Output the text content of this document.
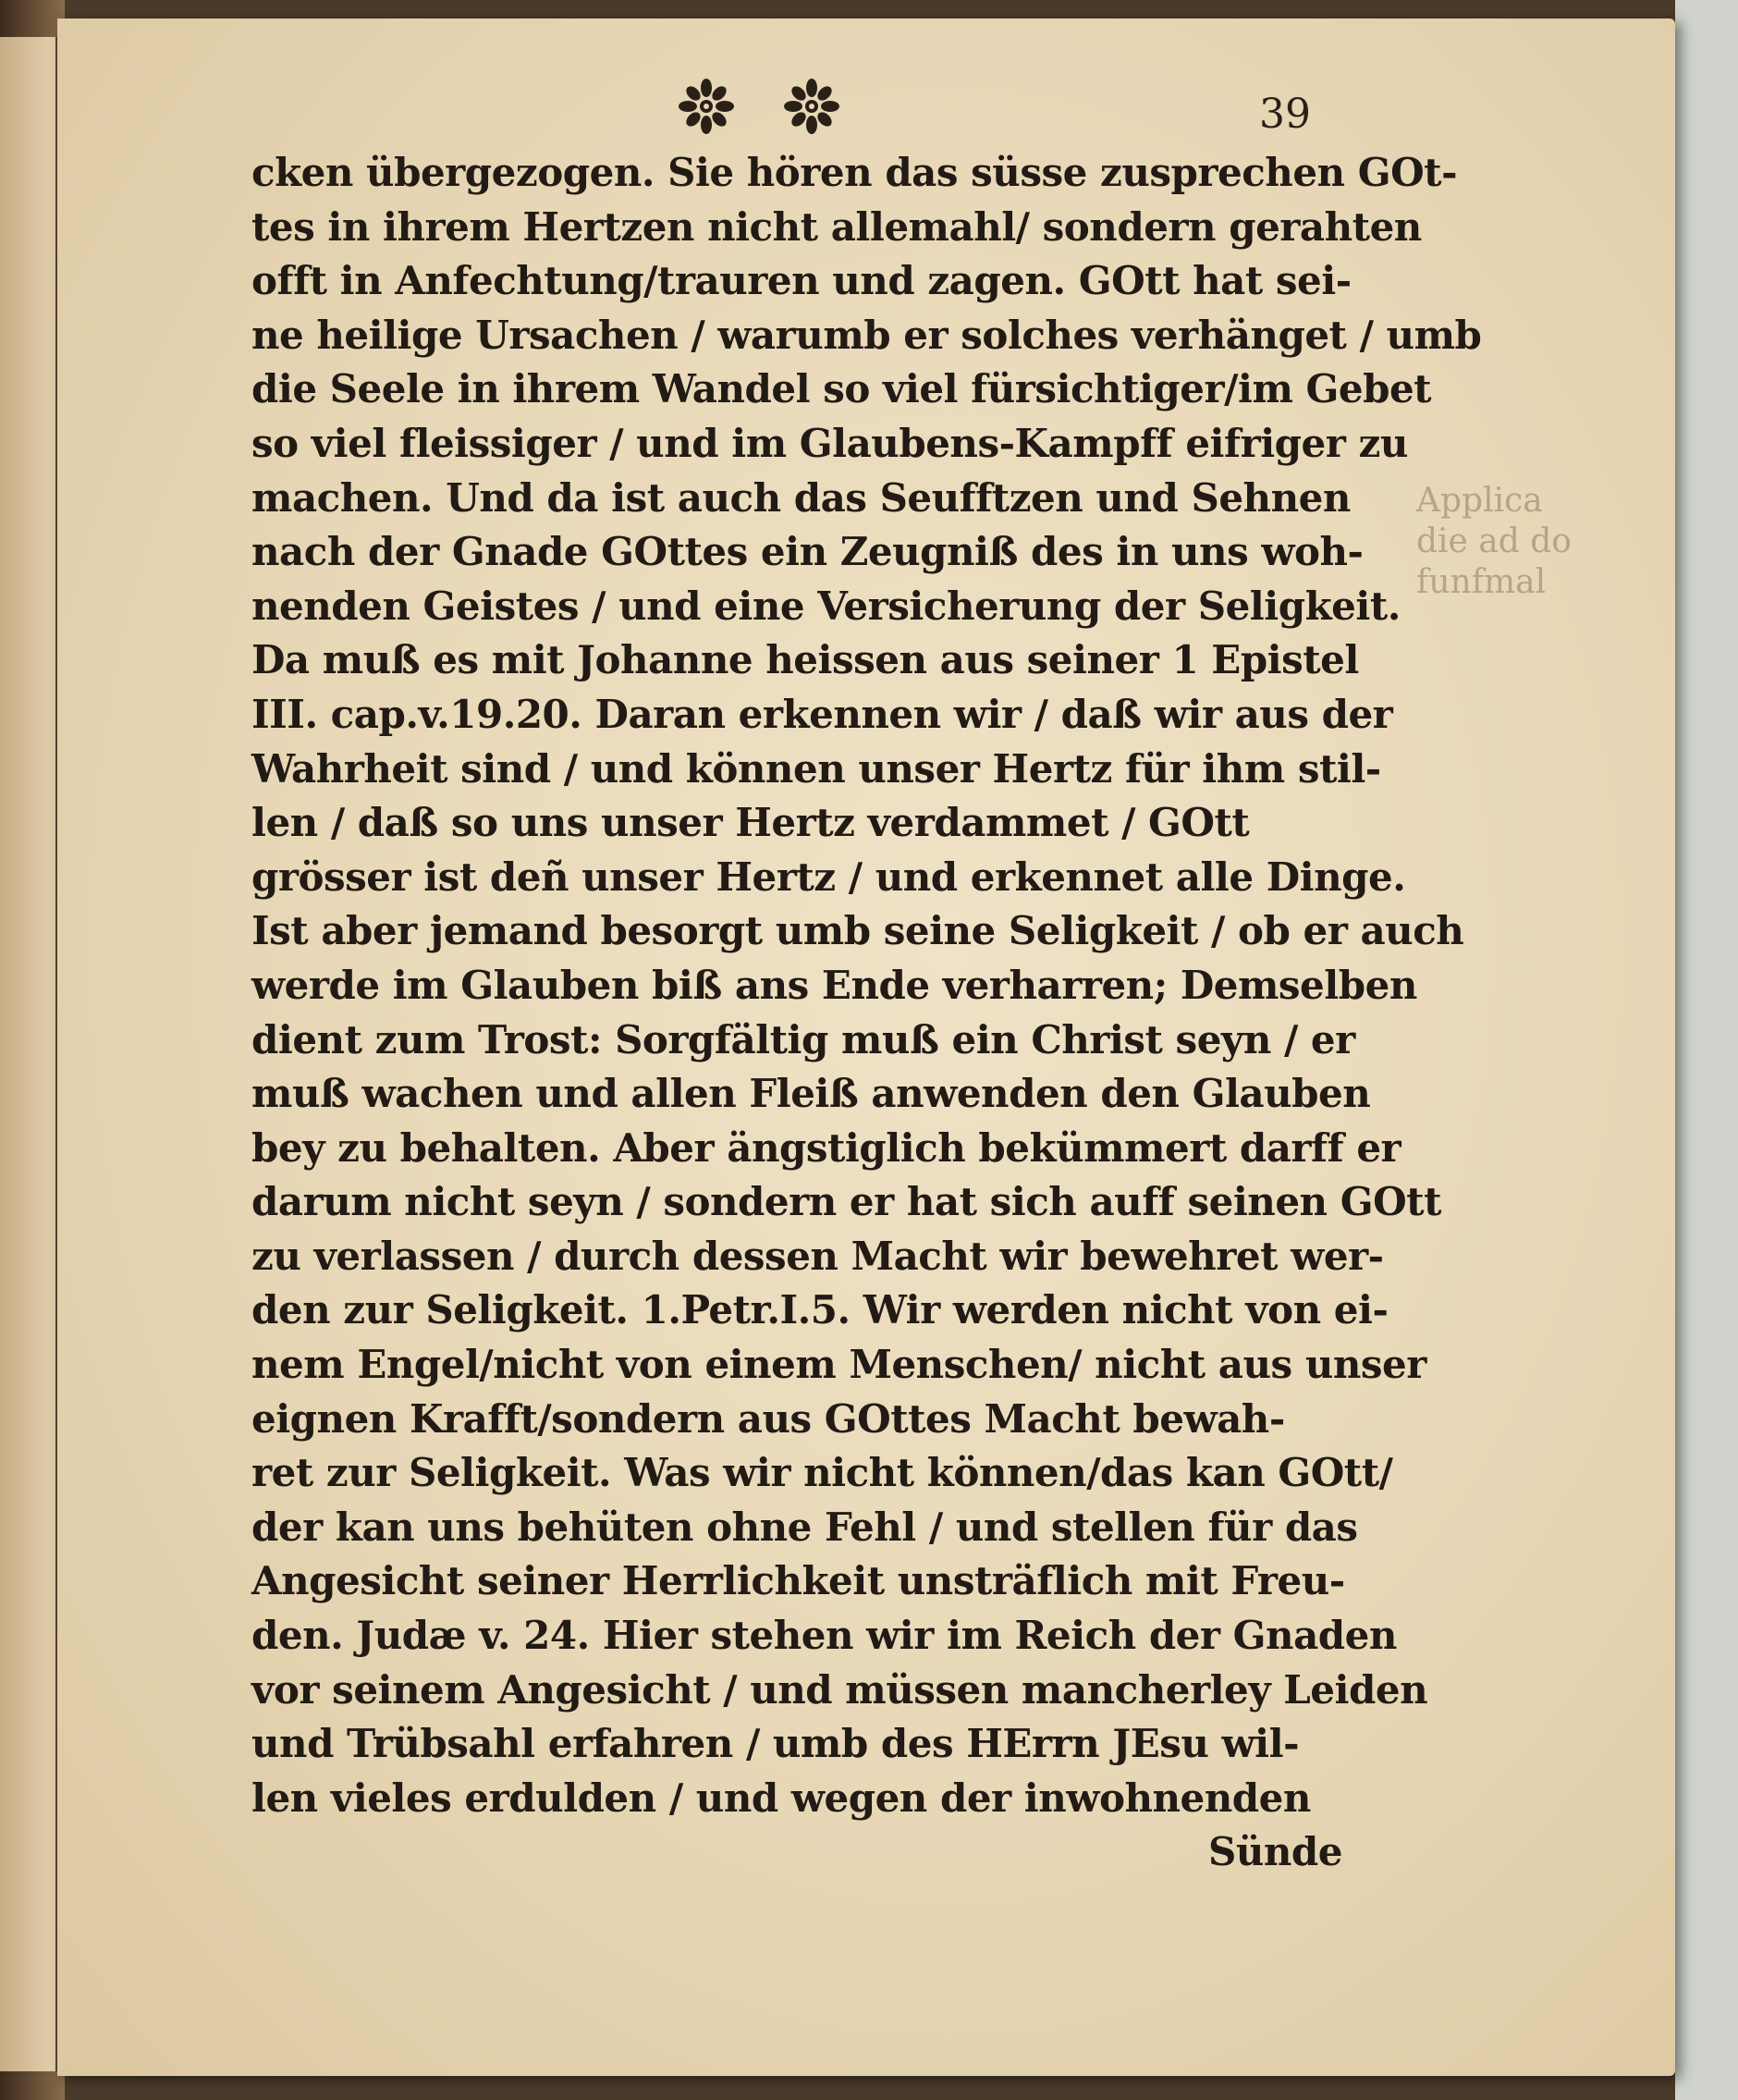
39
cken übergezogen. Sie hören das süsse zusprechen GOt-
tes in ihrem Hertzen nicht allemahl/ sondern gerahten
offt in Anfechtung/trauren und zagen. GOtt hat sei-
ne heilige Ursachen / warumb er solches verhänget / umb
die Seele in ihrem Wandel so viel fürsichtiger/im Gebet
so viel fleissiger / und im Glaubens-Kampff eifriger zu
machen. Und da ist auch das Seufftzen und Sehnen
nach der Gnade GOttes ein Zeugniß des in uns woh-
nenden Geistes / und eine Versicherung der Seligkeit.
Da muß es mit Johanne heissen aus seiner 1 Epistel
III. cap.v.19.20. Daran erkennen wir / daß wir aus der
Wahrheit sind / und können unser Hertz für ihm stil-
len / daß so uns unser Hertz verdammet / GOtt
grösser ist deñ unser Hertz / und erkennet alle Dinge.
Ist aber jemand besorgt umb seine Seligkeit / ob er auch
werde im Glauben biß ans Ende verharren; Demselben
dient zum Trost: Sorgfältig muß ein Christ seyn / er
muß wachen und allen Fleiß anwenden den Glauben
bey zu behalten. Aber ängstiglich bekümmert darff er
darum nicht seyn / sondern er hat sich auff seinen GOtt
zu verlassen / durch dessen Macht wir bewehret wer-
den zur Seligkeit. 1.Petr.I.5. Wir werden nicht von ei-
nem Engel/nicht von einem Menschen/ nicht aus unser
eignen Krafft/sondern aus GOttes Macht bewah-
ret zur Seligkeit. Was wir nicht können/das kan GOtt/
der kan uns behüten ohne Fehl / und stellen für das
Angesicht seiner Herrlichkeit unsträflich mit Freu-
den. Judæ v. 24. Hier stehen wir im Reich der Gnaden
vor seinem Angesicht / und müssen mancherley Leiden
und Trübsahl erfahren / umb des HErrn JEsu wil-
len vieles erdulden / und wegen der inwohnenden
Sünde
Applica
die ad do
funfmal
